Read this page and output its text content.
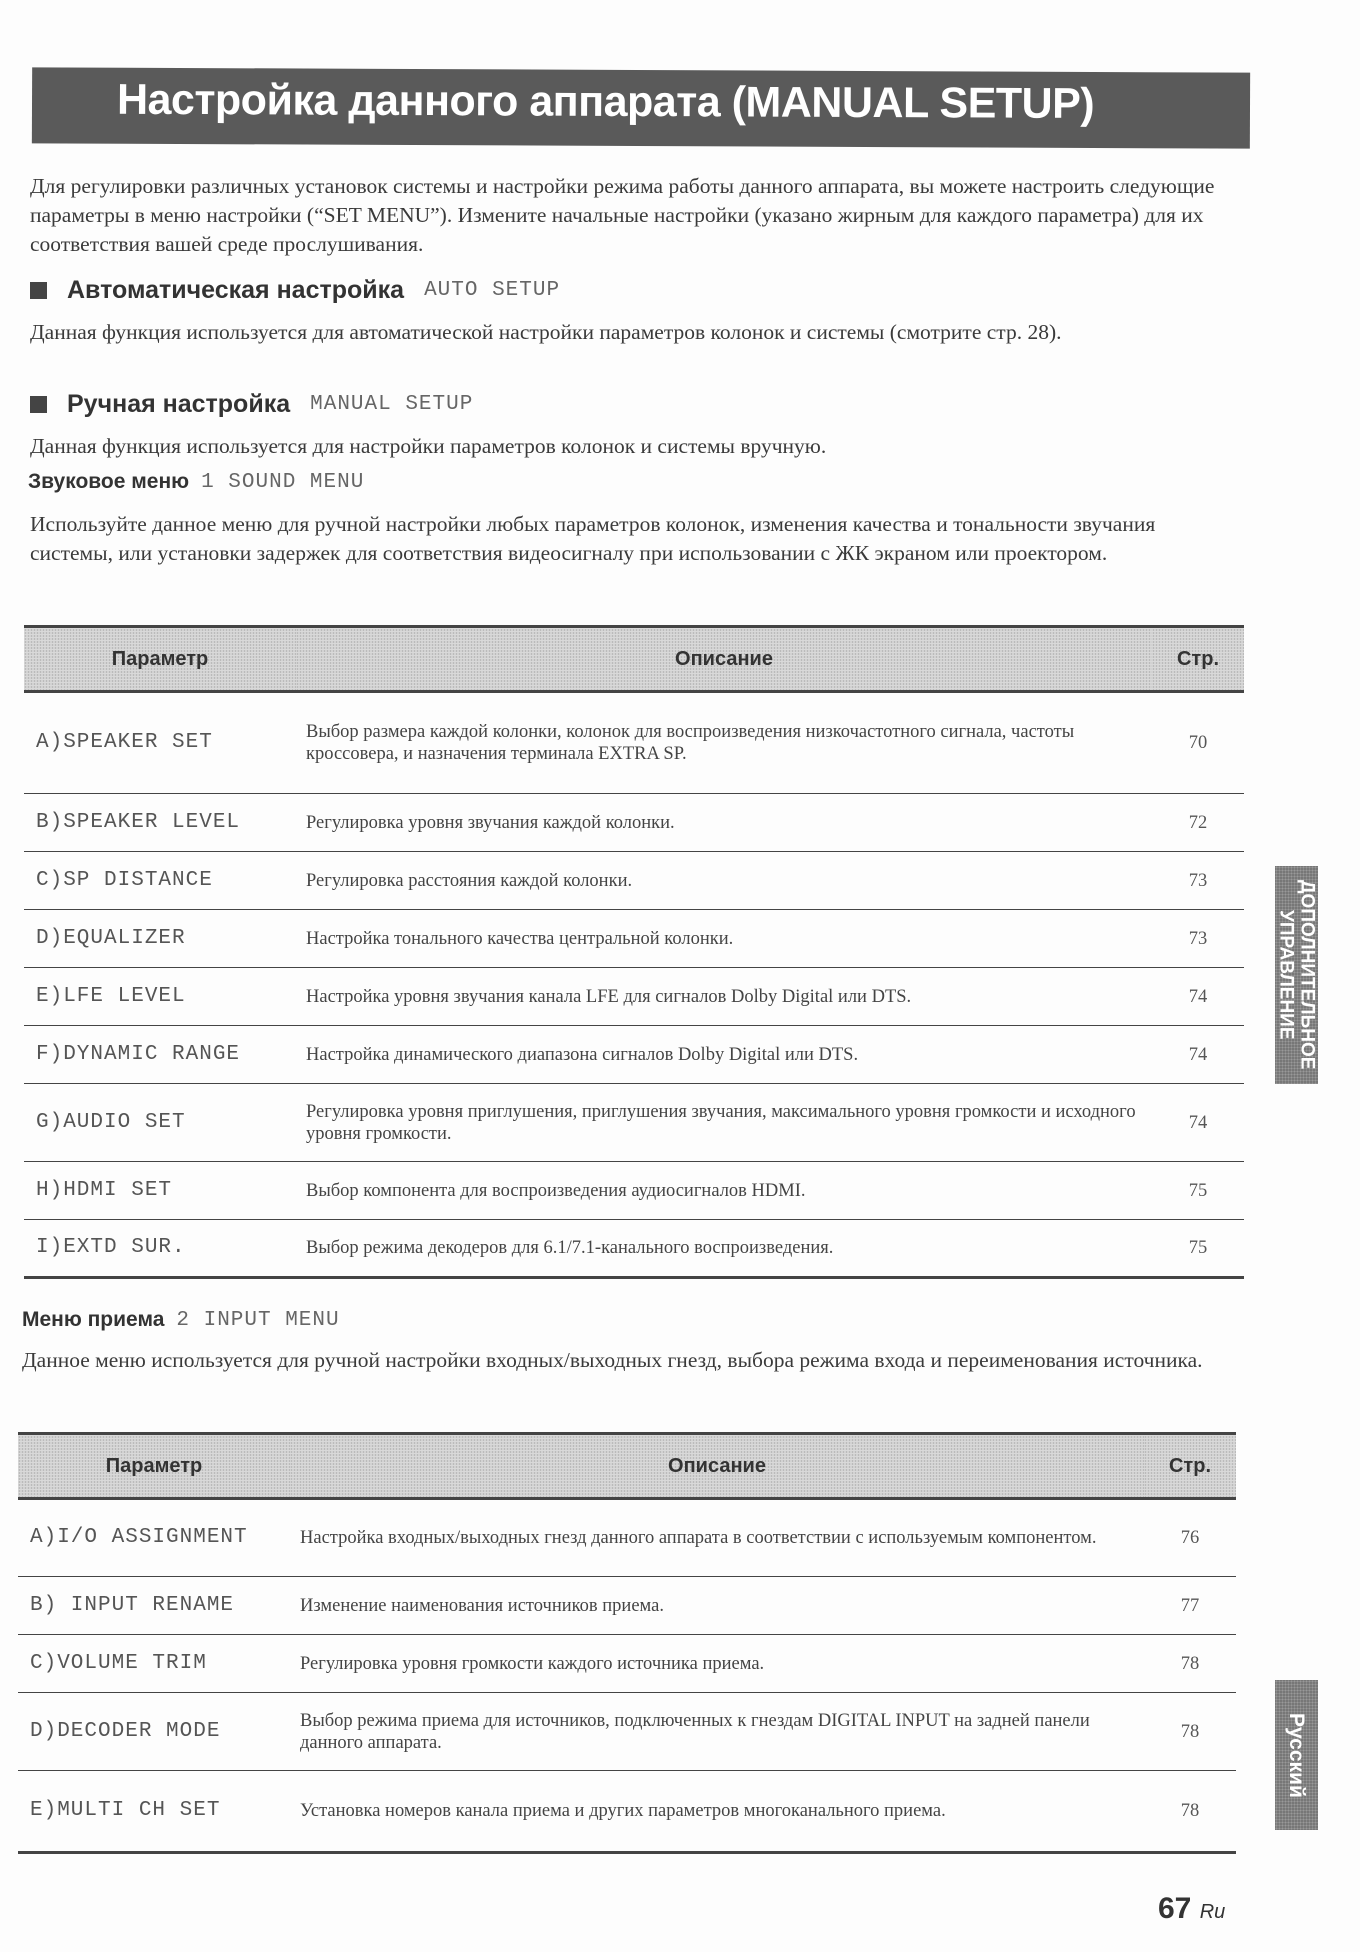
Настройка данного аппарата (MANUAL SETUP)
Для регулировки различных установок системы и настройки режима работы данного аппарата, вы можете настроить следующие параметры в меню настройки (“SET MENU”). Измените начальные настройки (указано жирным для каждого параметра) для их соответствия вашей среде прослушивания.
Автоматическая настройка AUTO SETUP
Данная функция используется для автоматической настройки параметров колонок и системы (смотрите стр. 28).
Ручная настройка MANUAL SETUP
Данная функция используется для настройки параметров колонок и системы вручную.
Звуковое меню 1 SOUND MENU
Используйте данное меню для ручной настройки любых параметров колонок, изменения качества и тональности звучания системы, или установки задержек для соответствия видеосигналу при использовании с ЖК экраном или проектором.
Параметр	Описание	Стр.
A)SPEAKER SET	Выбор размера каждой колонки, колонок для воспроизведения низкочастотного сигнала, частоты кроссовера, и назначения терминала EXTRA SP.	70
B)SPEAKER LEVEL	Регулировка уровня звучания каждой колонки.	72
C)SP DISTANCE	Регулировка расстояния каждой колонки.	73
D)EQUALIZER	Настройка тонального качества центральной колонки.	73
E)LFE LEVEL	Настройка уровня звучания канала LFE для сигналов Dolby Digital или DTS.	74
F)DYNAMIC RANGE	Настройка динамического диапазона сигналов Dolby Digital или DTS.	74
G)AUDIO SET	Регулировка уровня приглушения, приглушения звучания, максимального уровня громкости и исходного уровня громкости.	74
H)HDMI SET	Выбор компонента для воспроизведения аудиосигналов HDMI.	75
I)EXTD SUR.	Выбор режима декодеров для 6.1/7.1-канального воспроизведения.	75
Меню приема 2 INPUT MENU
Данное меню используется для ручной настройки входных/выходных гнезд, выбора режима входа и переименования источника.
Параметр	Описание	Стр.
A)I/O ASSIGNMENT	Настройка входных/выходных гнезд данного аппарата в соответствии с используемым компонентом.	76
B) INPUT RENAME	Изменение наименования источников приема.	77
C)VOLUME TRIM	Регулировка уровня громкости каждого источника приема.	78
D)DECODER MODE	Выбор режима приема для источников, подключенных к гнездам DIGITAL INPUT на задней панели данного аппарата.	78
E)MULTI CH SET	Установка номеров канала приема и других параметров многоканального приема.	78
ДОПОЛНИТЕЛЬНОЕ УПРАВЛЕНИЕ
Русский
67 Ru
